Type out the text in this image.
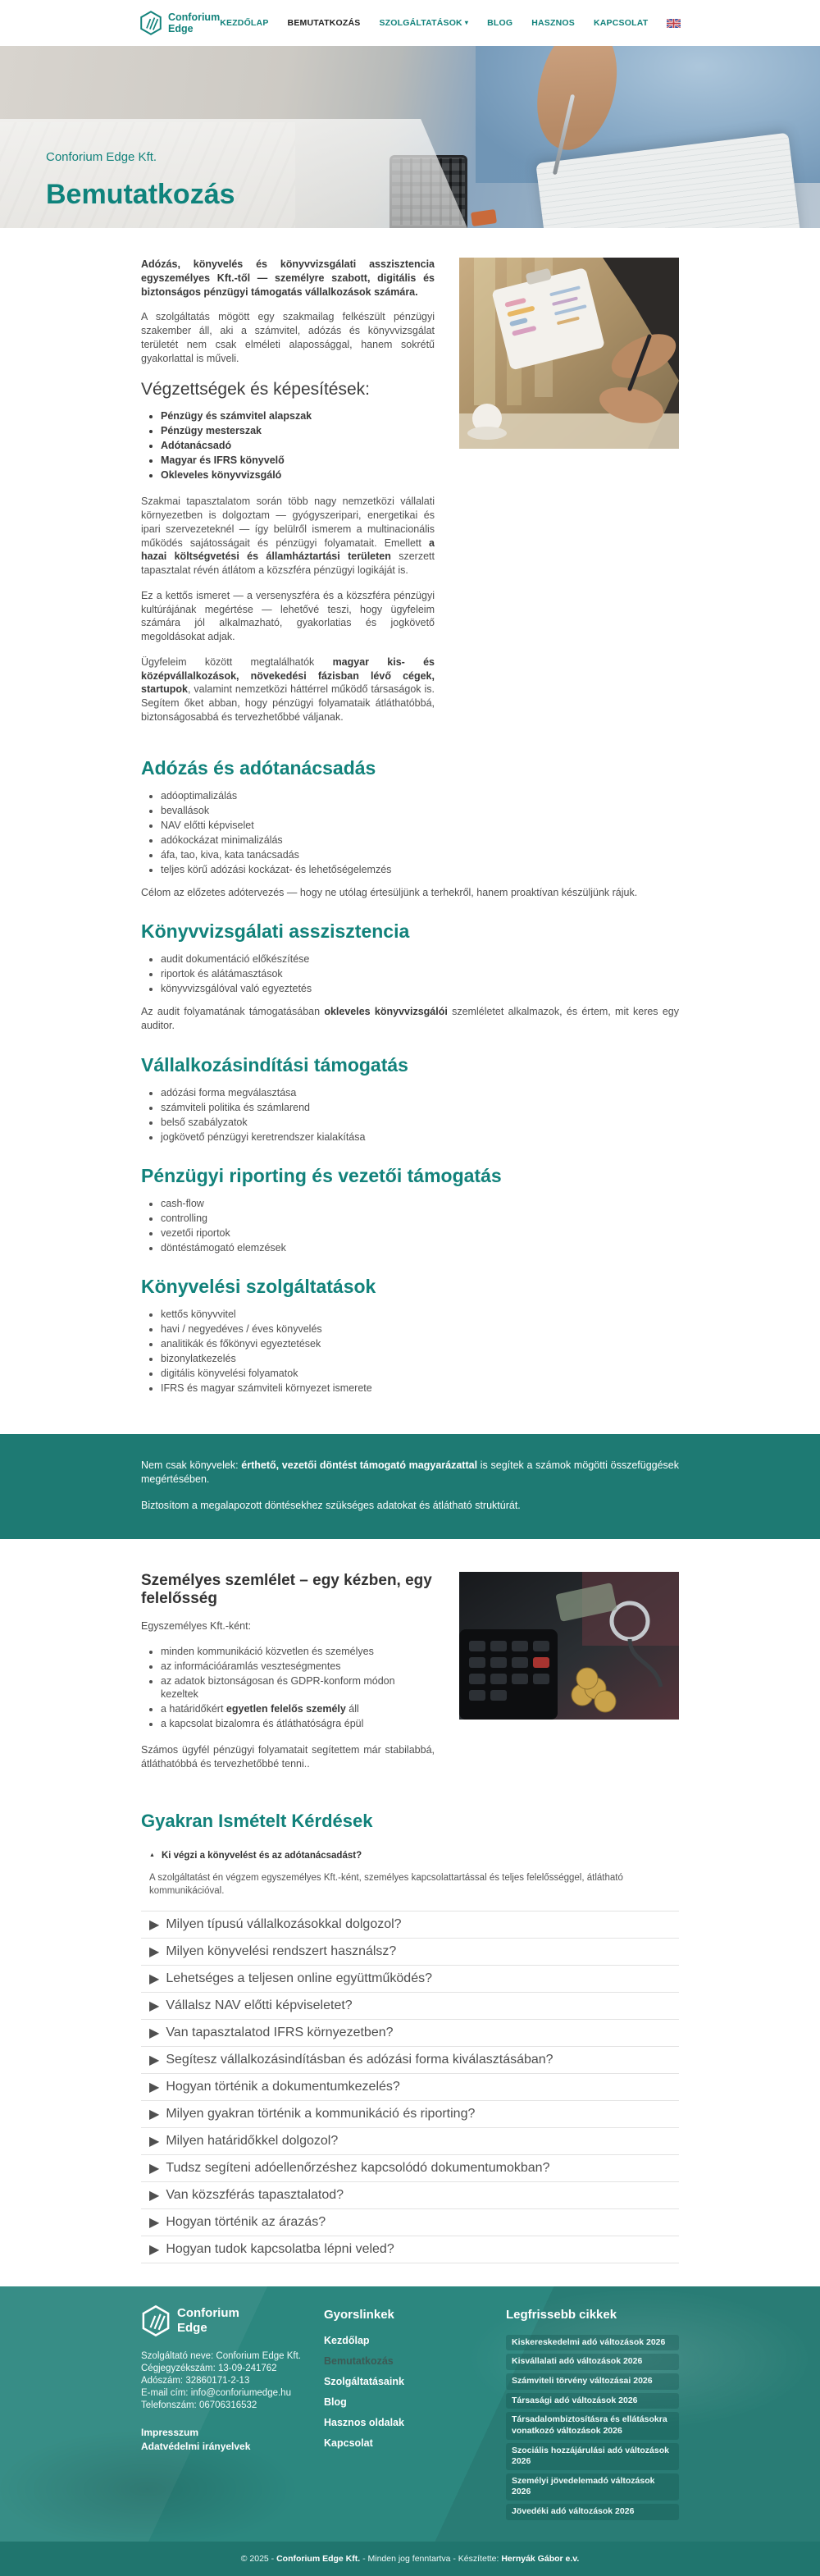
Conforium
Edge	KEZDŐLAP BEMUTATKOZÁS SZOLGÁLTATÁSOK ▾ BLOG HASZNOS KAPCSOLAT
Conforium Edge Kft.
Bemutatkozás

Adózás, könyvelés és könyvvizsgálati asszisztencia egyszemélyes Kft.-től — személyre szabott, digitális és biztonságos pénzügyi támogatás vállalkozások számára.

A szolgáltatás mögött egy szakmailag felkészült pénzügyi szakember áll, aki a számvitel, adózás és könyvvizsgálat területét nem csak elméleti alapossággal, hanem sokrétű gyakorlattal is műveli.

Végzettségek és képesítések:
• Pénzügy és számvitel alapszak
• Pénzügy mesterszak
• Adótanácsadó
• Magyar és IFRS könyvelő
• Okleveles könyvvizsgáló

Szakmai tapasztalatom során több nagy nemzetközi vállalati környezetben is dolgoztam — gyógyszeripari, energetikai és ipari szervezeteknél — így belülről ismerem a multinacionális működés sajátosságait és pénzügyi folyamatait. Emellett a hazai költségvetési és államháztartási területen szerzett tapasztalat révén átlátom a közszféra pénzügyi logikáját is.

Ez a kettős ismeret — a versenyszféra és a közszféra pénzügyi kultúrájának megértése — lehetővé teszi, hogy ügyfeleim számára jól alkalmazható, gyakorlatias és jogkövető megoldásokat adjak.

Ügyfeleim között megtalálhatók magyar kis- és középvállalkozások, növekedési fázisban lévő cégek, startupok, valamint nemzetközi háttérrel működő társaságok is. Segítem őket abban, hogy pénzügyi folyamataik átláthatóbbá, biztonságosabbá és tervezhetőbbé váljanak.

Adózás és adótanácsadás
• adóoptimalizálás
• bevallások
• NAV előtti képviselet
• adókockázat minimalizálás
• áfa, tao, kiva, kata tanácsadás
• teljes körű adózási kockázat- és lehetőségelemzés

Célom az előzetes adótervezés — hogy ne utólag értesüljünk a terhekről, hanem proaktívan készüljünk rájuk.

Könyvvizsgálati asszisztencia
• audit dokumentáció előkészítése
• riportok és alátámasztások
• könyvvizsgálóval való egyeztetés

Az audit folyamatának támogatásában okleveles könyvvizsgálói szemléletet alkalmazok, és értem, mit keres egy auditor.

Vállalkozásindítási támogatás
• adózási forma megválasztása
• számviteli politika és számlarend
• belső szabályzatok
• jogkövető pénzügyi keretrendszer kialakítása
Pénzügyi riporting és vezetői támogatás
• cash-flow
• controlling
• vezetői riportok
• döntéstámogató elemzések
Könyvelési szolgáltatások
• kettős könyvvitel
• havi / negyedéves / éves könyvelés
• analitikák és főkönyvi egyeztetések
• bizonylatkezelés
• digitális könyvelési folyamatok
• IFRS és magyar számviteli környezet ismerete

Nem csak könyvelek: érthető, vezetői döntést támogató magyarázattal is segítek a számok mögötti összefüggések megértésében.

Biztosítom a megalapozott döntésekhez szükséges adatokat és átlátható struktúrát.

Személyes szemlélet – egy kézben, egy felelősség

Egyszemélyes Kft.-ként:

• minden kommunikáció közvetlen és személyes
• az információáramlás veszteségmentes
• az adatok biztonságosan és GDPR-konform módon kezeltek
• a határidőkért egyetlen felelős személy áll
• a kapcsolat bizalomra és átláthatóságra épül

Számos ügyfél pénzügyi folyamatait segítettem már stabilabbá, átláthatóbbá és tervezhetőbbé tenni..

Gyakran Ismételt Kérdések
▲ Ki végzi a könyvelést és az adótanácsadást?

A szolgáltatást én végzem egyszemélyes Kft.-ként, személyes kapcsolattartással és teljes felelősséggel, átlátható kommunikációval.

▶ Milyen típusú vállalkozásokkal dolgozol?
▶ Milyen könyvelési rendszert használsz?
▶ Lehetséges a teljesen online együttműködés?
▶ Vállalsz NAV előtti képviseletet?
▶ Van tapasztalatod IFRS környezetben?
▶ Segítesz vállalkozásindításban és adózási forma kiválasztásában?
▶ Hogyan történik a dokumentumkezelés?
▶ Milyen gyakran történik a kommunikáció és riporting?
▶ Milyen határidőkkel dolgozol?
▶ Tudsz segíteni adóellenőrzéshez kapcsolódó dokumentumokban?
▶ Van közszférás tapasztalatod?
▶ Hogyan történik az árazás?
▶ Hogyan tudok kapcsolatba lépni veled?
Conforium
Edge
Szolgáltató neve: Conforium Edge Kft.
Cégjegyzékszám: 13-09-241762
Adószám: 32860171-2-13
E-mail cím: info@conforiumedge.hu
Telefonszám: 06706316532
Impresszum
Adatvédelmi irányelvek
Gyorslinkek
Kezdőlap
Bemutatkozás
Szolgáltatásaink
Blog
Hasznos oldalak
Kapcsolat
Legfrissebb cikkek
Kiskereskedelmi adó változások 2026
Kisvállalati adó változások 2026
Számviteli törvény változásai 2026
Társasági adó változások 2026
Társadalombiztosításra és ellátásokra vonatkozó változások 2026
Szociális hozzájárulási adó változások 2026
Személyi jövedelemadó változások 2026
Jövedéki adó változások 2026

© 2025 - Conforium Edge Kft. - Minden jog fenntartva - Készítette: Hernyák Gábor e.v.
